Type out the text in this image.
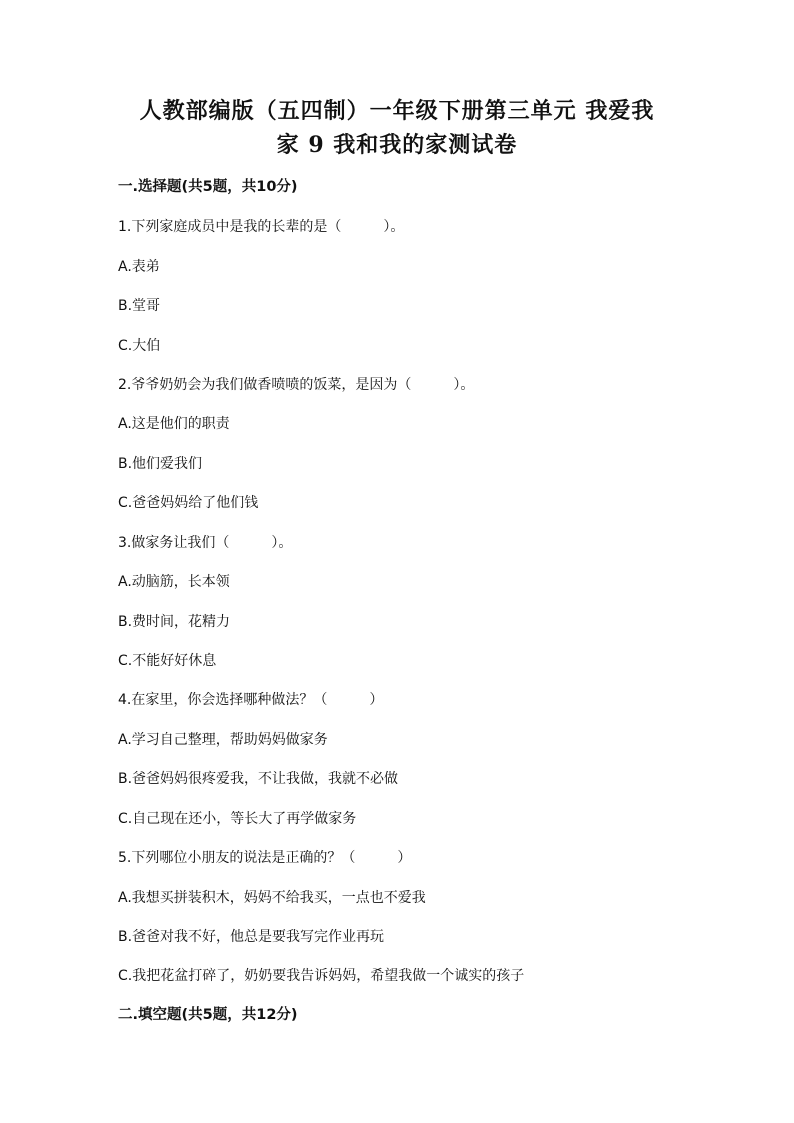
人教部编版（五四制）一年级下册第三单元 我爱我
家 9 我和我的家测试卷
一.选择题(共5题，共10分)
1.下列家庭成员中是我的长辈的是（　　　）。
A.表弟
B.堂哥
C.大伯
2.爷爷奶奶会为我们做香喷喷的饭菜，是因为（　　　）。
A.这是他们的职责
B.他们爱我们
C.爸爸妈妈给了他们钱
3.做家务让我们（　　　）。
A.动脑筋，长本领
B.费时间，花精力
C.不能好好休息
4.在家里，你会选择哪种做法？（　　　）
A.学习自己整理，帮助妈妈做家务
B.爸爸妈妈很疼爱我，不让我做，我就不必做
C.自己现在还小，等长大了再学做家务
5.下列哪位小朋友的说法是正确的？（　　　）
A.我想买拼装积木，妈妈不给我买，一点也不爱我
B.爸爸对我不好，他总是要我写完作业再玩
C.我把花盆打碎了，奶奶要我告诉妈妈，希望我做一个诚实的孩子
二.填空题(共5题，共12分)
